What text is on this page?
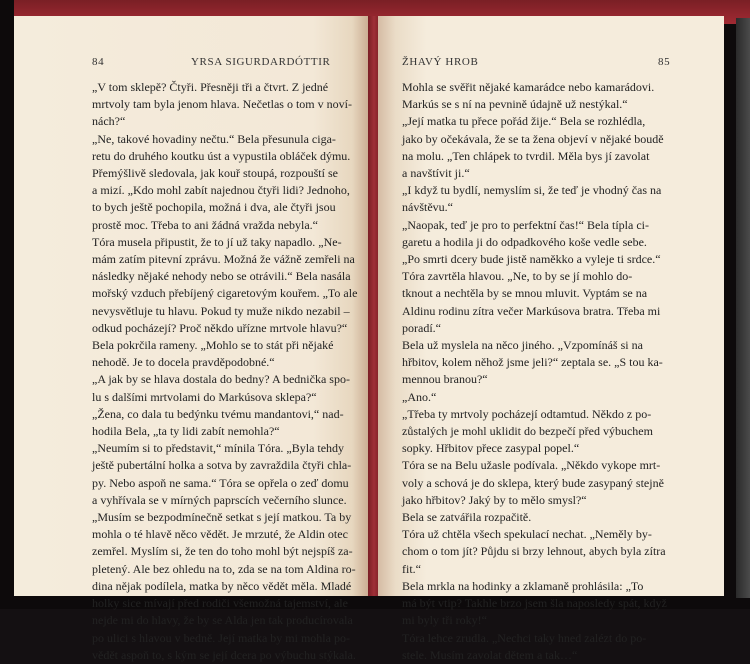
84	YRSA SIGURDARDÓTTIR
„V tom sklepě? Čtyři. Přesněji tři a čtvrt. Z jedné
mrtvoly tam byla jenom hlava. Nečetlas o tom v noví-
nách?“
„Ne, takové hovadiny nečtu.“ Bela přesunula ciga-
retu do druhého koutku úst a vypustila obláček dýmu.
Přemýšlivě sledovala, jak kouř stoupá, rozpouští se
a mizí. „Kdo mohl zabít najednou čtyři lidi? Jednoho,
to bych ještě pochopila, možná i dva, ale čtyři jsou
prostě moc. Třeba to ani žádná vražda nebyla.“
Tóra musela připustit, že to jí už taky napadlo. „Ne-
mám zatím pitevní zprávu. Možná že vážně zemřeli na
následky nějaké nehody nebo se otrávili.“ Bela nasála
mořský vzduch přebíjený cigaretovým kouřem. „To ale
nevysvětluje tu hlavu. Pokud ty muže nikdo nezabil –
odkud pocházejí? Proč někdo uřízne mrtvole hlavu?“
Bela pokrčila rameny. „Mohlo se to stát při nějaké
nehodě. Je to docela pravděpodobné.“
„A jak by se hlava dostala do bedny? A bednička spo-
lu s dalšími mrtvolami do Markúsova sklepa?“
„Žena, co dala tu bedýnku tvému mandantovi,“ nad-
hodila Bela, „ta ty lidi zabít nemohla?“
„Neumím si to představit,“ mínila Tóra. „Byla tehdy
ještě pubertální holka a sotva by zavraždila čtyři chla-
py. Nebo aspoň ne sama.“ Tóra se opřela o zeď domu
a vyhřívala se v mírných paprscích večerního slunce.
„Musím se bezpodmínečně setkat s její matkou. Ta by
mohla o té hlavě něco vědět. Je mrzuté, že Aldin otec
zemřel. Myslím si, že ten do toho mohl být nejspíš za-
pletený. Ale bez ohledu na to, zda se na tom Aldina ro-
dina nějak podílela, matka by něco vědět měla. Mladé
holky sice mívají před rodiči všemožná tajemství, ale
nejde mi do hlavy, že by se Alda jen tak producírovala
po ulici s hlavou v bedně. Její matka by mi mohla po-
vědět aspoň to, s kým se její dcera po výbuchu stýkala.
ŽHAVÝ HROB	85
Mohla se svěřit nějaké kamarádce nebo kamarádovi.
Markús se s ní na pevnině údajně už nestýkal.“
„Její matka tu přece pořád žije.“ Bela se rozhlédla,
jako by očekávala, že se ta žena objeví v nějaké boudě
na molu. „Ten chlápek to tvrdil. Měla bys jí zavolat
a navštívit ji.“
„I když tu bydlí, nemyslím si, že teď je vhodný čas na
návštěvu.“
„Naopak, teď je pro to perfektní čas!“ Bela típla ci-
garetu a hodila ji do odpadkového koše vedle sebe.
„Po smrti dcery bude jistě naměkko a vyleje ti srdce.“
Tóra zavrtěla hlavou. „Ne, to by se jí mohlo do-
tknout a nechtěla by se mnou mluvit. Vyptám se na
Aldinu rodinu zítra večer Markúsova bratra. Třeba mi
poradí.“
Bela už myslela na něco jiného. „Vzpomínáš si na
hřbitov, kolem něhož jsme jeli?“ zeptala se. „S tou ka-
mennou branou?“
„Ano.“
„Třeba ty mrtvoly pocházejí odtamtud. Někdo z po-
zůstalých je mohl uklidit do bezpečí před výbuchem
sopky. Hřbitov přece zasypal popel.“
Tóra se na Belu užasle podívala. „Někdo vykope mrt-
voly a schová je do sklepa, který bude zasypaný stejně
jako hřbitov? Jaký by to mělo smysl?“
Bela se zatvářila rozpačitě.
Tóra už chtěla všech spekulací nechat. „Neměly by-
chom o tom jít? Půjdu si brzy lehnout, abych byla zítra
fit.“
Bela mrkla na hodinky a zklamaně prohlásila: „To
má být vtip? Takhle brzo jsem šla naposledy spát, když
mi byly tři roky!“
Tóra lehce zrudla. „Nechci taky hned zalézt do po-
stele. Musím zavolat dětem a tak…“
